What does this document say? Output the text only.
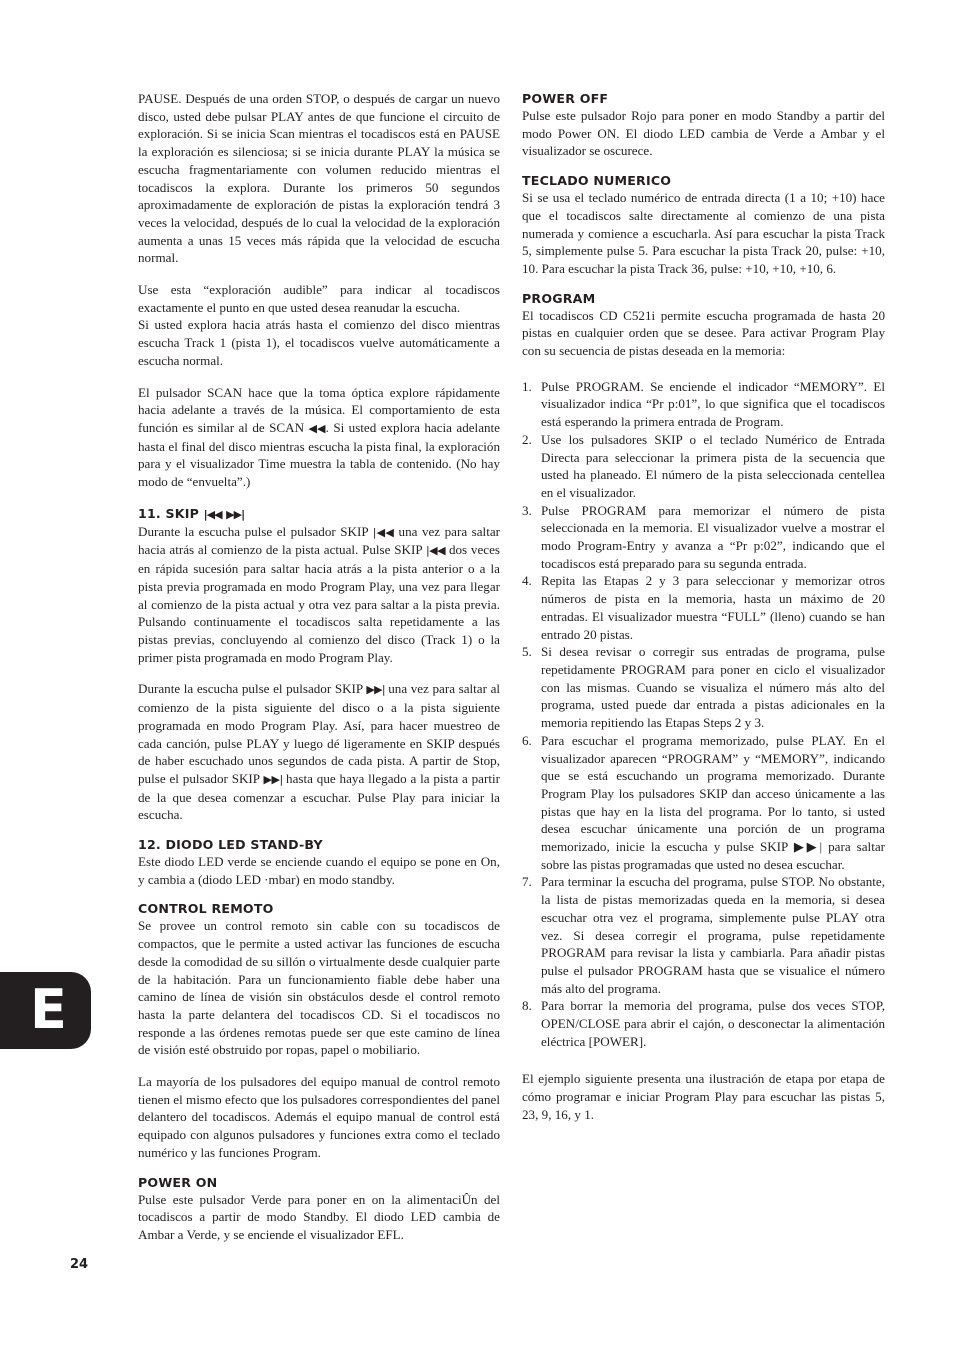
E

PAUSE. Después de una orden STOP, o después de cargar un nuevo disco, usted debe pulsar PLAY antes de que funcione el circuito de exploración. Si se inicia Scan mientras el tocadiscos está en PAUSE la exploración es silenciosa; si se inicia durante PLAY la música se escucha fragmentariamente con volumen reducido mientras el tocadiscos la explora. Durante los primeros 50 segundos aproximadamente de exploración de pistas la exploración tendrá 3 veces la velocidad, después de lo cual la velocidad de la exploración aumenta a unas 15 veces más rápida que la velocidad de escucha normal.

Use esta “exploración audible” para indicar al tocadiscos exactamente el punto en que usted desea reanudar la escucha.

Si usted explora hacia atrás hasta el comienzo del disco mientras escucha Track 1 (pista 1), el tocadiscos vuelve automáticamente a escucha normal.

El pulsador SCAN hace que la toma óptica explore rápidamente hacia adelante a través de la música. El comportamiento de esta función es similar al de SCAN ◀◀. Si usted explora hacia adelante hasta el final del disco mientras escucha la pista final, la exploración para y el visualizador Time muestra la tabla de contenido. (No hay modo de “envuelta”.)

11. SKIP |◀◀ ▶▶|

Durante la escucha pulse el pulsador SKIP |◀◀ una vez para saltar hacia atrás al comienzo de la pista actual. Pulse SKIP |◀◀ dos veces en rápida sucesión para saltar hacia atrás a la pista anterior o a la pista previa programada en modo Program Play, una vez para llegar al comienzo de la pista actual y otra vez para saltar a la pista previa. Pulsando continuamente el tocadiscos salta repetidamente a las pistas previas, concluyendo al comienzo del disco (Track 1) o la primer pista programada en modo Program Play.

Durante la escucha pulse el pulsador SKIP ▶▶| una vez para saltar al comienzo de la pista siguiente del disco o a la pista siguiente programada en modo Program Play. Así, para hacer muestreo de cada canción, pulse PLAY y luego dé ligeramente en SKIP después de haber escuchado unos segundos de cada pista. A partir de Stop, pulse el pulsador SKIP ▶▶| hasta que haya llegado a la pista a partir de la que desea comenzar a escuchar. Pulse Play para iniciar la escucha.

12. DIODO LED STAND-BY

Este diodo LED verde se enciende cuando el equipo se pone en On, y cambia a (diodo LED ·mbar) en modo standby.

CONTROL REMOTO

Se provee un control remoto sin cable con su tocadiscos de compactos, que le permite a usted activar las funciones de escucha desde la comodidad de su sillón o virtualmente desde cualquier parte de la habitación. Para un funcionamiento fiable debe haber una camino de línea de visión sin obstáculos desde el control remoto hasta la parte delantera del tocadiscos CD. Si el tocadiscos no responde a las órdenes remotas puede ser que este camino de línea de visión esté obstruido por ropas, papel o mobiliario.

La mayoría de los pulsadores del equipo manual de control remoto tienen el mismo efecto que los pulsadores correspondientes del panel delantero del tocadiscos. Además el equipo manual de control está equipado con algunos pulsadores y funciones extra como el teclado numérico y las funciones Program.

POWER ON

Pulse este pulsador Verde para poner en on la alimentaciÛn del tocadiscos a partir de modo Standby. El diodo LED cambia de Ambar a Verde, y se enciende el visualizador EFL.

POWER OFF

Pulse este pulsador Rojo para poner en modo Standby a partir del modo Power ON. El diodo LED cambia de Verde a Ambar y el visualizador se oscurece.

TECLADO NUMERICO

Si se usa el teclado numérico de entrada directa (1 a 10; +10) hace que el tocadiscos salte directamente al comienzo de una pista numerada y comience a escucharla. Así para escuchar la pista Track 5, simplemente pulse 5. Para escuchar la pista Track 20, pulse: +10, 10. Para escuchar la pista Track 36, pulse: +10, +10, +10, 6.

PROGRAM

El tocadiscos CD C521i permite escucha programada de hasta 20 pistas en cualquier orden que se desee. Para activar Program Play con su secuencia de pistas deseada en la memoria:

1. Pulse PROGRAM. Se enciende el indicador “MEMORY”. El visualizador indica “Pr p:01”, lo que significa que el tocadiscos está esperando la primera entrada de Program.
2. Use los pulsadores SKIP o el teclado Numérico de Entrada Directa para seleccionar la primera pista de la secuencia que usted ha planeado. El número de la pista seleccionada centellea en el visualizador.
3. Pulse PROGRAM para memorizar el número de pista seleccionada en la memoria. El visualizador vuelve a mostrar el modo Program-Entry y avanza a “Pr p:02”, indicando que el tocadiscos está preparado para su segunda entrada.
4. Repita las Etapas 2 y 3 para seleccionar y memorizar otros números de pista en la memoria, hasta un máximo de 20 entradas. El visualizador muestra “FULL” (lleno) cuando se han entrado 20 pistas.
5. Si desea revisar o corregir sus entradas de programa, pulse repetidamente PROGRAM para poner en ciclo el visualizador con las mismas. Cuando se visualiza el número más alto del programa, usted puede dar entrada a pistas adicionales en la memoria repitiendo las Etapas Steps 2 y 3.
6. Para escuchar el programa memorizado, pulse PLAY. En el visualizador aparecen “PROGRAM” y “MEMORY”, indicando que se está escuchando un programa memorizado. Durante Program Play los pulsadores SKIP dan acceso únicamente a las pistas que hay en la lista del programa. Por lo tanto, si usted desea escuchar únicamente una porción de un programa memorizado, inicie la escucha y pulse SKIP ▶▶| para saltar sobre las pistas programadas que usted no desea escuchar.
7. Para terminar la escucha del programa, pulse STOP. No obstante, la lista de pistas memorizadas queda en la memoria, si desea escuchar otra vez el programa, simplemente pulse PLAY otra vez. Si desea corregir el programa, pulse repetidamente PROGRAM para revisar la lista y cambiarla. Para añadir pistas pulse el pulsador PROGRAM hasta que se visualice el número más alto del programa.
8. Para borrar la memoria del programa, pulse dos veces STOP, OPEN/CLOSE para abrir el cajón, o desconectar la alimentación eléctrica [POWER].

El ejemplo siguiente presenta una ilustración de etapa por etapa de cómo programar e iniciar Program Play para escuchar las pistas 5, 23, 9, 16, y 1.

24
